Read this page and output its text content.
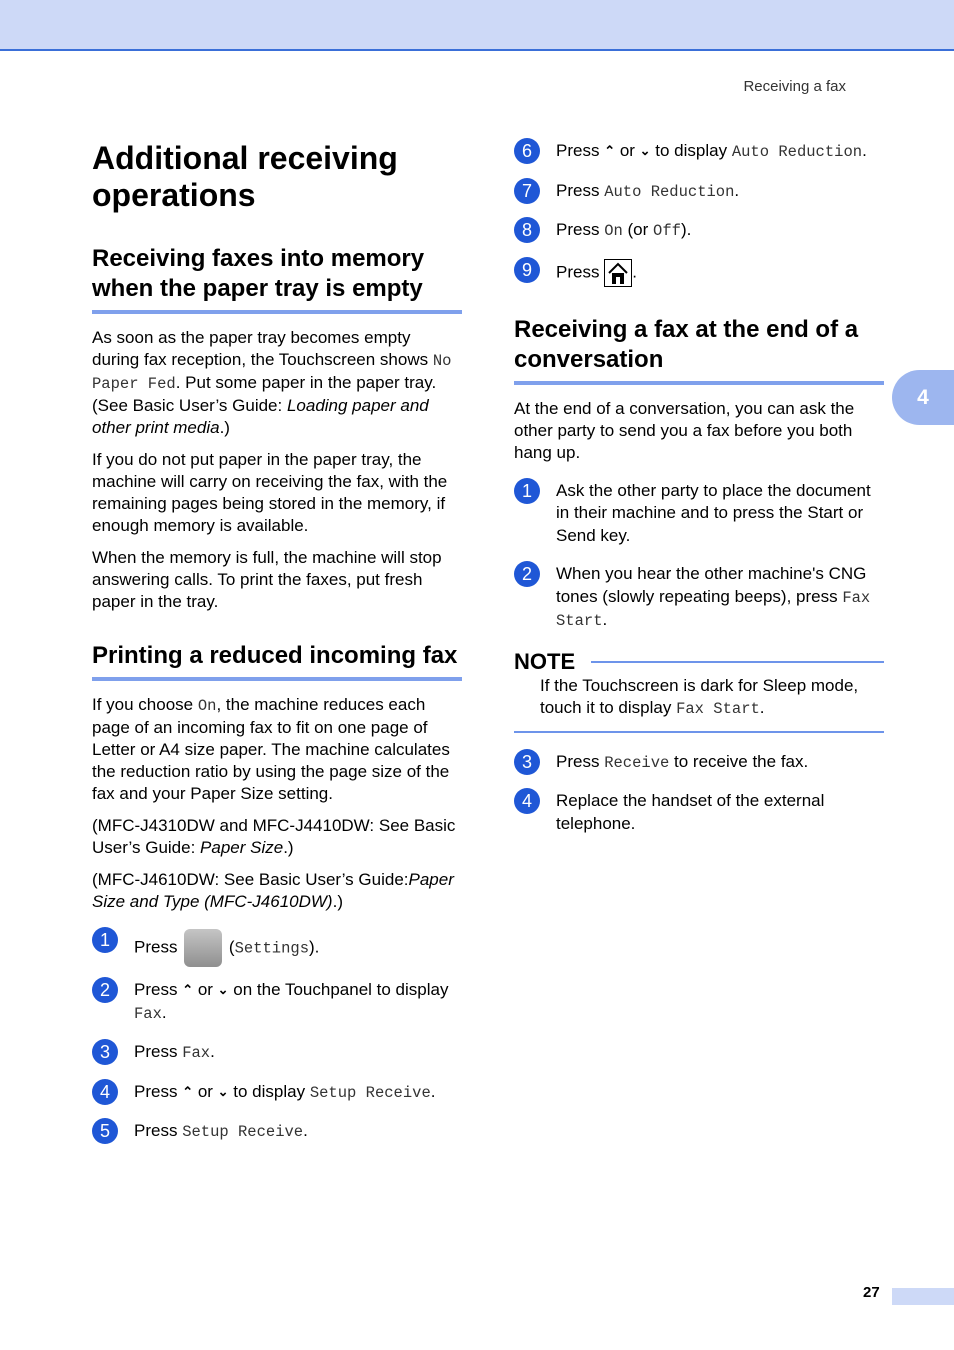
Receiving a fax
4
27
Additional receiving operations
Receiving faxes into memory when the paper tray is empty

As soon as the paper tray becomes empty during fax reception, the Touchscreen shows No Paper Fed. Put some paper in the paper tray. (See Basic User’s Guide: Loading paper and other print media.)

If you do not put paper in the paper tray, the machine will carry on receiving the fax, with the remaining pages being stored in the memory, if enough memory is available.

When the memory is full, the machine will stop answering calls. To print the faxes, put fresh paper in the tray.

Printing a reduced incoming fax

If you choose On, the machine reduces each page of an incoming fax to fit on one page of Letter or A4 size paper. The machine calculates the reduction ratio by using the page size of the fax and your Paper Size setting.

(MFC-J4310DW and MFC-J4410DW: See Basic User’s Guide: Paper Size.)

(MFC-J4610DW: See Basic User’s Guide:Paper Size and Type (MFC-J4610DW).)

1	Press  (Settings).
2	Press ⌃ or ⌄ on the Touchpanel to display Fax.
3	Press Fax.
4	Press ⌃ or ⌄ to display Setup Receive.
5	Press Setup Receive.
6	Press ⌃ or ⌄ to display Auto Reduction.
7	Press Auto Reduction.
8	Press On (or Off).
9	Press .
Receiving a fax at the end of a conversation

At the end of a conversation, you can ask the other party to send you a fax before you both hang up.

1	Ask the other party to place the document in their machine and to press the Start or Send key.
2	When you hear the other machine's CNG tones (slowly repeating beeps), press Fax Start.
NOTE
If the Touchscreen is dark for Sleep mode, touch it to display Fax Start.
3	Press Receive to receive the fax.
4	Replace the handset of the external telephone.
